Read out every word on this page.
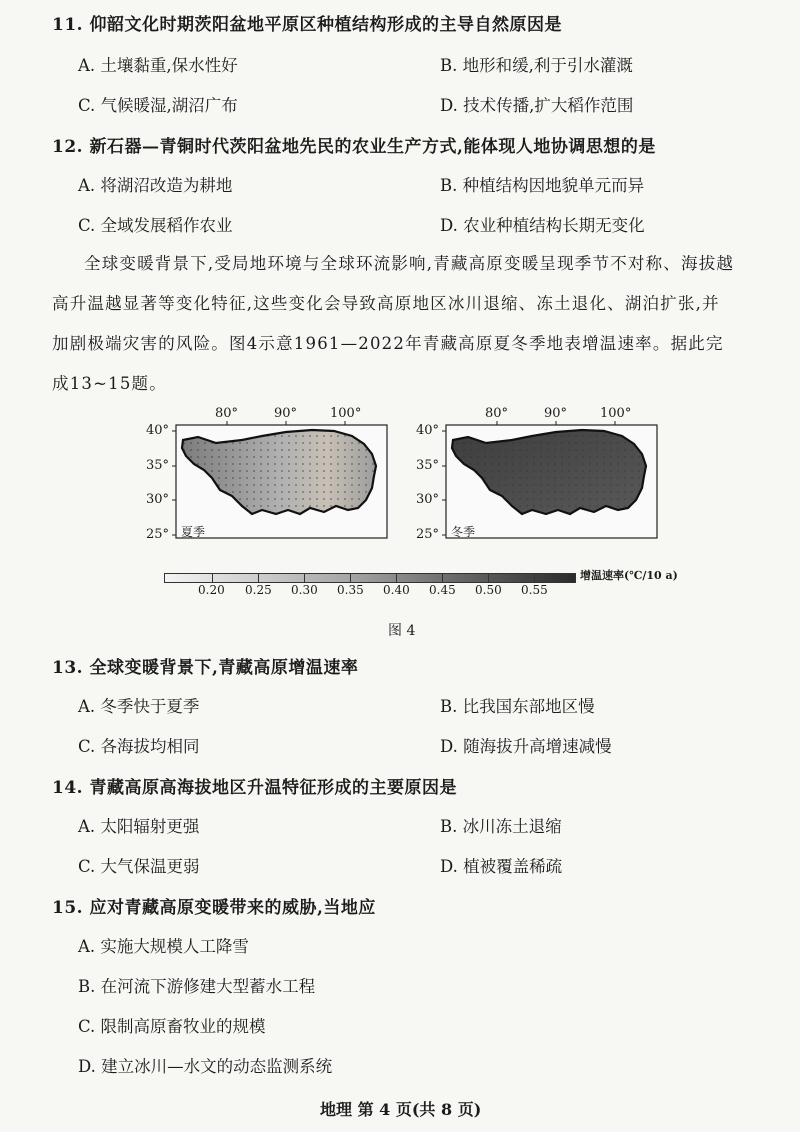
11. 仰韶文化时期茨阳盆地平原区种植结构形成的主导自然原因是
A. 土壤黏重,保水性好	B. 地形和缓,利于引水灌溉
C. 气候暖湿,湖沼广布	D. 技术传播,扩大稻作范围
12. 新石器—青铜时代茨阳盆地先民的农业生产方式,能体现人地协调思想的是
A. 将湖沼改造为耕地	B. 种植结构因地貌单元而异
C. 全域发展稻作农业	D. 农业种植结构长期无变化
全球变暖背景下,受局地环境与全球环流影响,青藏高原变暖呈现季节不对称、海拔越
高升温越显著等变化特征,这些变化会导致高原地区冰川退缩、冻土退化、湖泊扩张,并
加剧极端灾害的风险。图4示意1961—2022年青藏高原夏冬季地表增温速率。据此完
成13~15题。
80°	90°	100°
40°
35°
30°
25° 夏季
80°	90°	100°
40°
35°
30°
25° 冬季
0.20 0.25 0.30 0.35 0.40 0.45 0.50 0.55
增温速率(℃/10 a)
图 4
13. 全球变暖背景下,青藏高原增温速率
A. 冬季快于夏季	B. 比我国东部地区慢
C. 各海拔均相同	D. 随海拔升高增速减慢
14. 青藏高原高海拔地区升温特征形成的主要原因是
A. 太阳辐射更强	B. 冰川冻土退缩
C. 大气保温更弱	D. 植被覆盖稀疏
15. 应对青藏高原变暖带来的威胁,当地应
A. 实施大规模人工降雪
B. 在河流下游修建大型蓄水工程
C. 限制高原畜牧业的规模
D. 建立冰川—水文的动态监测系统
地理 第 4 页(共 8 页)
